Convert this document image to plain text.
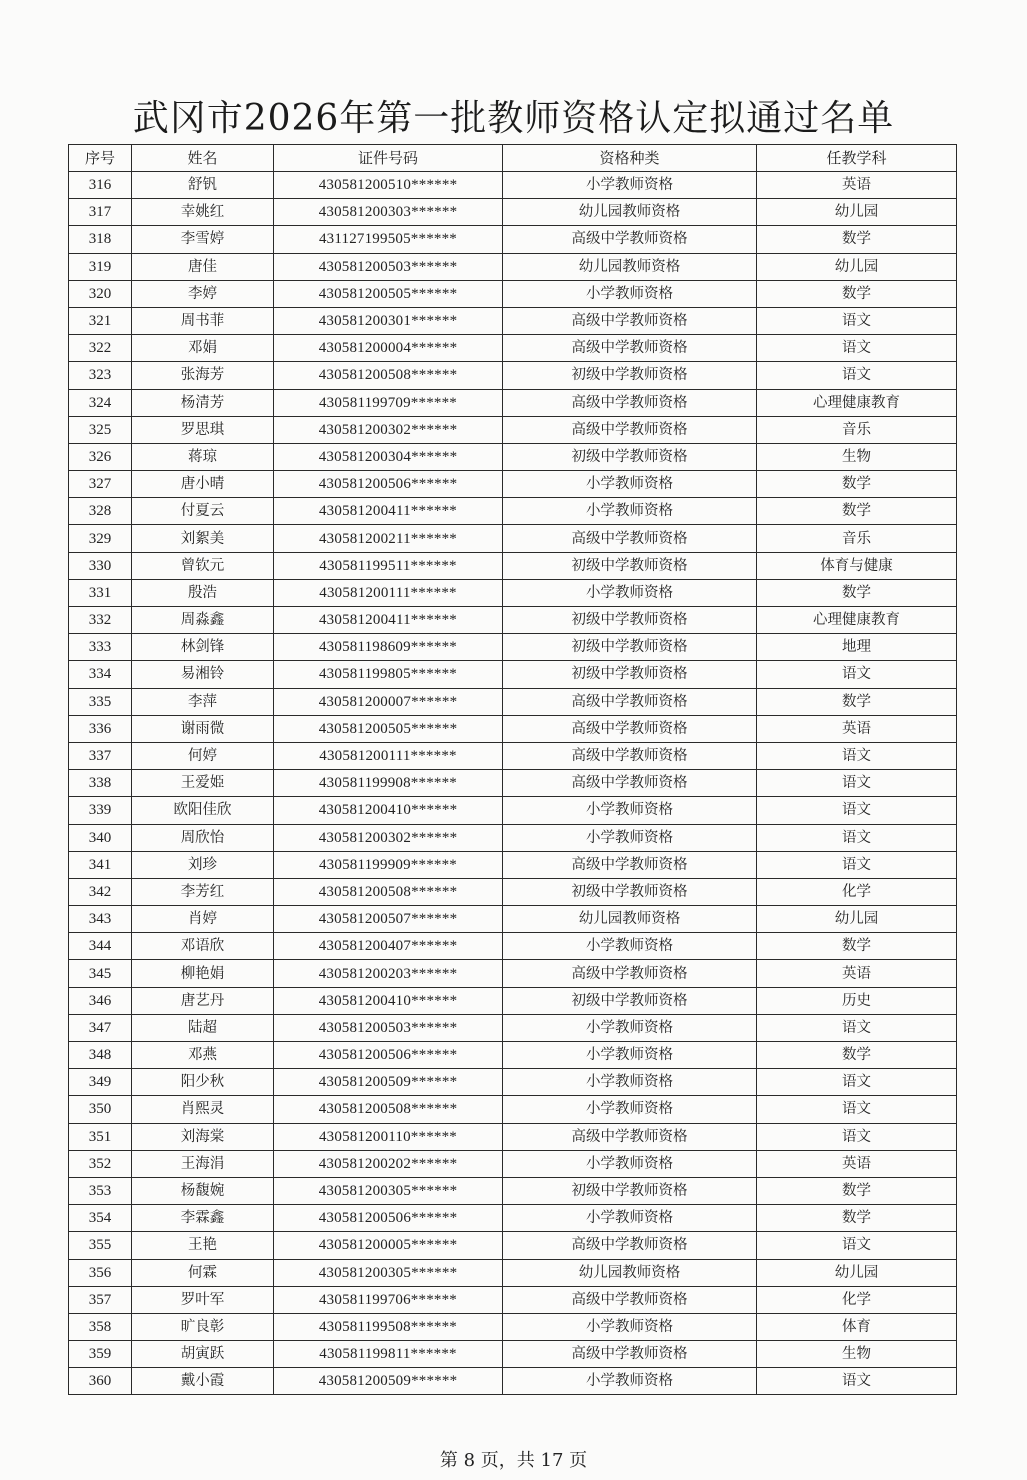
武冈市2026年第一批教师资格认定拟通过名单
序号	姓名	证件号码	资格种类	任教学科
316	舒钒	430581200510******	小学教师资格	英语
317	幸姚红	430581200303******	幼儿园教师资格	幼儿园
318	李雪婷	431127199505******	高级中学教师资格	数学
319	唐佳	430581200503******	幼儿园教师资格	幼儿园
320	李婷	430581200505******	小学教师资格	数学
321	周书菲	430581200301******	高级中学教师资格	语文
322	邓娟	430581200004******	高级中学教师资格	语文
323	张海芳	430581200508******	初级中学教师资格	语文
324	杨清芳	430581199709******	高级中学教师资格	心理健康教育
325	罗思琪	430581200302******	高级中学教师资格	音乐
326	蒋琼	430581200304******	初级中学教师资格	生物
327	唐小晴	430581200506******	小学教师资格	数学
328	付夏云	430581200411******	小学教师资格	数学
329	刘絮美	430581200211******	高级中学教师资格	音乐
330	曾钦元	430581199511******	初级中学教师资格	体育与健康
331	殷浩	430581200111******	小学教师资格	数学
332	周淼鑫	430581200411******	初级中学教师资格	心理健康教育
333	林剑锋	430581198609******	初级中学教师资格	地理
334	易湘铃	430581199805******	初级中学教师资格	语文
335	李萍	430581200007******	高级中学教师资格	数学
336	谢雨微	430581200505******	高级中学教师资格	英语
337	何婷	430581200111******	高级中学教师资格	语文
338	王爱姫	430581199908******	高级中学教师资格	语文
339	欧阳佳欣	430581200410******	小学教师资格	语文
340	周欣怡	430581200302******	小学教师资格	语文
341	刘珍	430581199909******	高级中学教师资格	语文
342	李芳红	430581200508******	初级中学教师资格	化学
343	肖婷	430581200507******	幼儿园教师资格	幼儿园
344	邓语欣	430581200407******	小学教师资格	数学
345	柳艳娟	430581200203******	高级中学教师资格	英语
346	唐艺丹	430581200410******	初级中学教师资格	历史
347	陆超	430581200503******	小学教师资格	语文
348	邓燕	430581200506******	小学教师资格	数学
349	阳少秋	430581200509******	小学教师资格	语文
350	肖熙灵	430581200508******	小学教师资格	语文
351	刘海棠	430581200110******	高级中学教师资格	语文
352	王海涓	430581200202******	小学教师资格	英语
353	杨馥婉	430581200305******	初级中学教师资格	数学
354	李霖鑫	430581200506******	小学教师资格	数学
355	王艳	430581200005******	高级中学教师资格	语文
356	何霖	430581200305******	幼儿园教师资格	幼儿园
357	罗叶军	430581199706******	高级中学教师资格	化学
358	旷良彰	430581199508******	小学教师资格	体育
359	胡寅跃	430581199811******	高级中学教师资格	生物
360	戴小霞	430581200509******	小学教师资格	语文
第 8 页，共 17 页
